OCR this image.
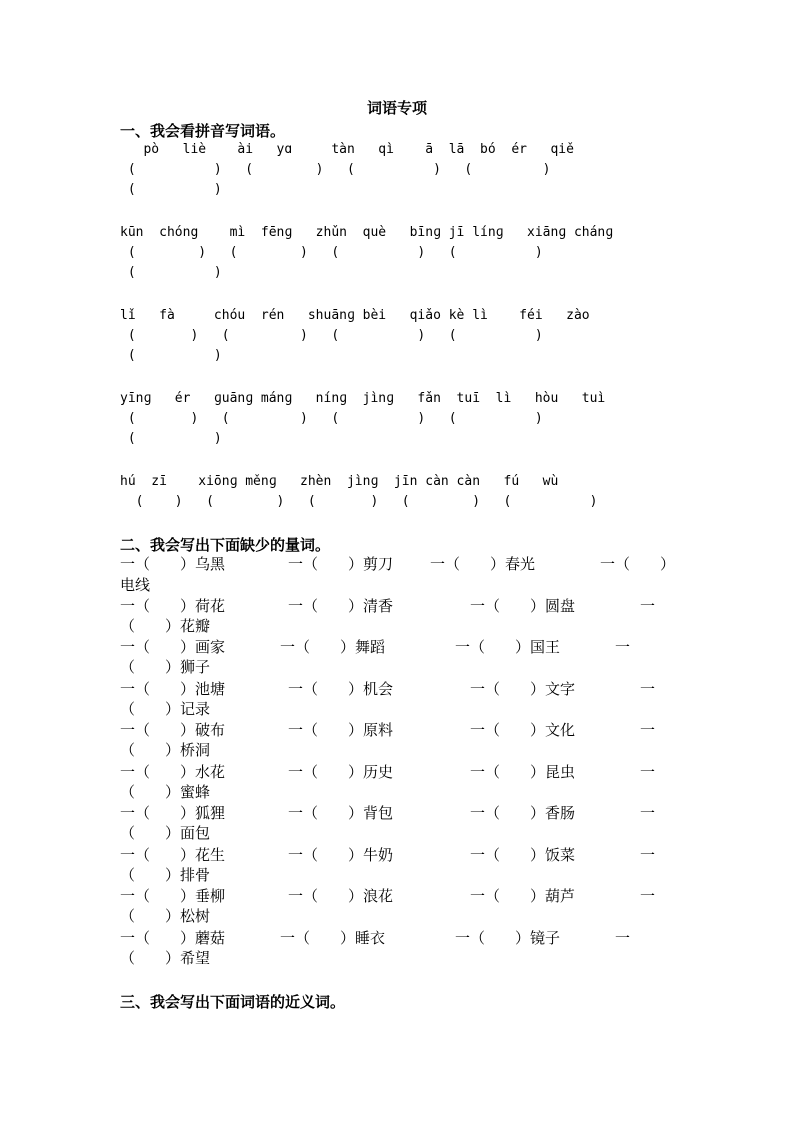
词语专项
一、我会看拼音写词语。
pò   liè    ài   yɑ     tàn   qì    ā  lā  bó  ér   qiě
(          )   (        )   (          )   (         )
(          )
kūn  chóng    mì  fēnɡ   zhǔn  què   bīnɡ jī línɡ   xiānɡ chánɡ
(        )   (        )   (          )   (          )
(          )
lǐ   fà     chóu  rén   shuānɡ bèi   qiǎo kè lì    féi   zào
(       )   (         )   (          )   (          )
(          )
yīnɡ   ér   ɡuānɡ mánɡ   nínɡ  jìnɡ   fǎn  tuī  lì   hòu   tuì
(       )   (         )   (          )   (          )
(          )
hú  zī    xiōnɡ měnɡ   zhèn  jìnɡ  jīn càn càn   fú   wù
(    )   (        )   (       )   (        )   (          )
二、我会写出下面缺少的量词。
一（　　）乌黑	一（　　）剪刀 一（　　）春光	一（　　）
电线
一（　　）荷花	一（　　）清香	一（　　）圆盘	一
（　　）花瓣
一（　　）画家	一（　　）舞蹈	一（　　）国王	一
（　　）狮子
一（　　）池塘	一（　　）机会	一（　　）文字	一
（　　）记录
一（　　）破布	一（　　）原料	一（　　）文化	一
（　　）桥洞
一（　　）水花	一（　　）历史	一（　　）昆虫	一
（　　）蜜蜂
一（　　）狐狸	一（　　）背包	一（　　）香肠	一
（　　）面包
一（　　）花生	一（　　）牛奶	一（　　）饭菜	一
（　　）排骨
一（　　）垂柳	一（　　）浪花	一（　　）葫芦	一
（　　）松树
一（　　）蘑菇	一（　　）睡衣	一（　　）镜子	一
（　　）希望
三、我会写出下面词语的近义词。
